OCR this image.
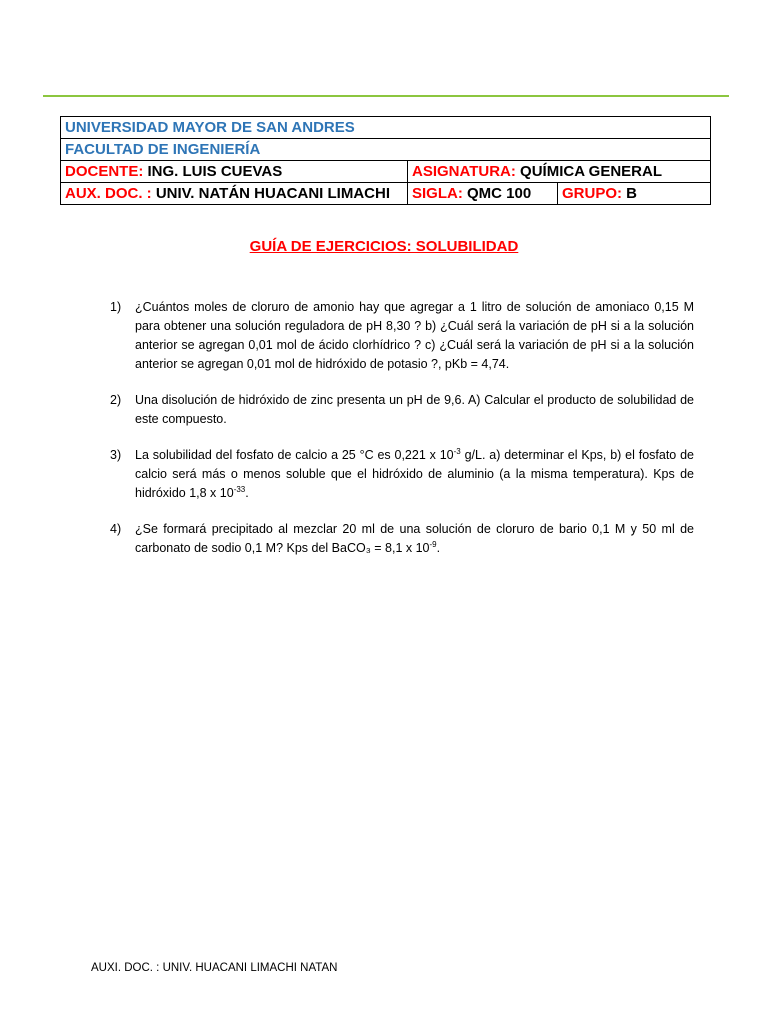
UNIVERSIDAD MAYOR DE SAN ANDRES		
FACULTAD DE INGENIERÍA		
DOCENTE: ING. LUIS CUEVAS	ASIGNATURA: QUÍMICA GENERAL	
AUX. DOC. : UNIV. NATÁN HUACANI LIMACHI	SIGLA: QMC 100	GRUPO: B
GUÍA DE EJERCICIOS: SOLUBILIDAD
1)	¿Cuántos moles de cloruro de amonio hay que agregar a 1 litro de solución de amoniaco 0,15 M para obtener una solución reguladora de pH 8,30 ? b) ¿Cuál será la variación de pH si a la solución anterior se agregan 0,01 mol de ácido clorhídrico ? c) ¿Cuál será la variación de pH si a la solución anterior se agregan 0,01 mol de hidróxido de potasio ?, pKb = 4,74.
2)	Una disolución de hidróxido de zinc presenta un pH de 9,6. A) Calcular el producto de solubilidad de este compuesto.
3)	La solubilidad del fosfato de calcio a 25 °C es 0,221 x $10^{-3}$ g/L. a) determinar el Kps, b) el fosfato de calcio será más o menos soluble que el hidróxido de aluminio (a la misma temperatura). Kps de hidróxido 1,8 x $10^{-33}$.
4)	¿Se formará precipitado al mezclar 20 ml de una solución de cloruro de bario 0,1 M y 50 ml de carbonato de sodio 0,1 M? Kps del BaCO₃ = 8,1 x $10^{-9}$.
AUXI. DOC. : UNIV. HUACANI LIMACHI NATAN
